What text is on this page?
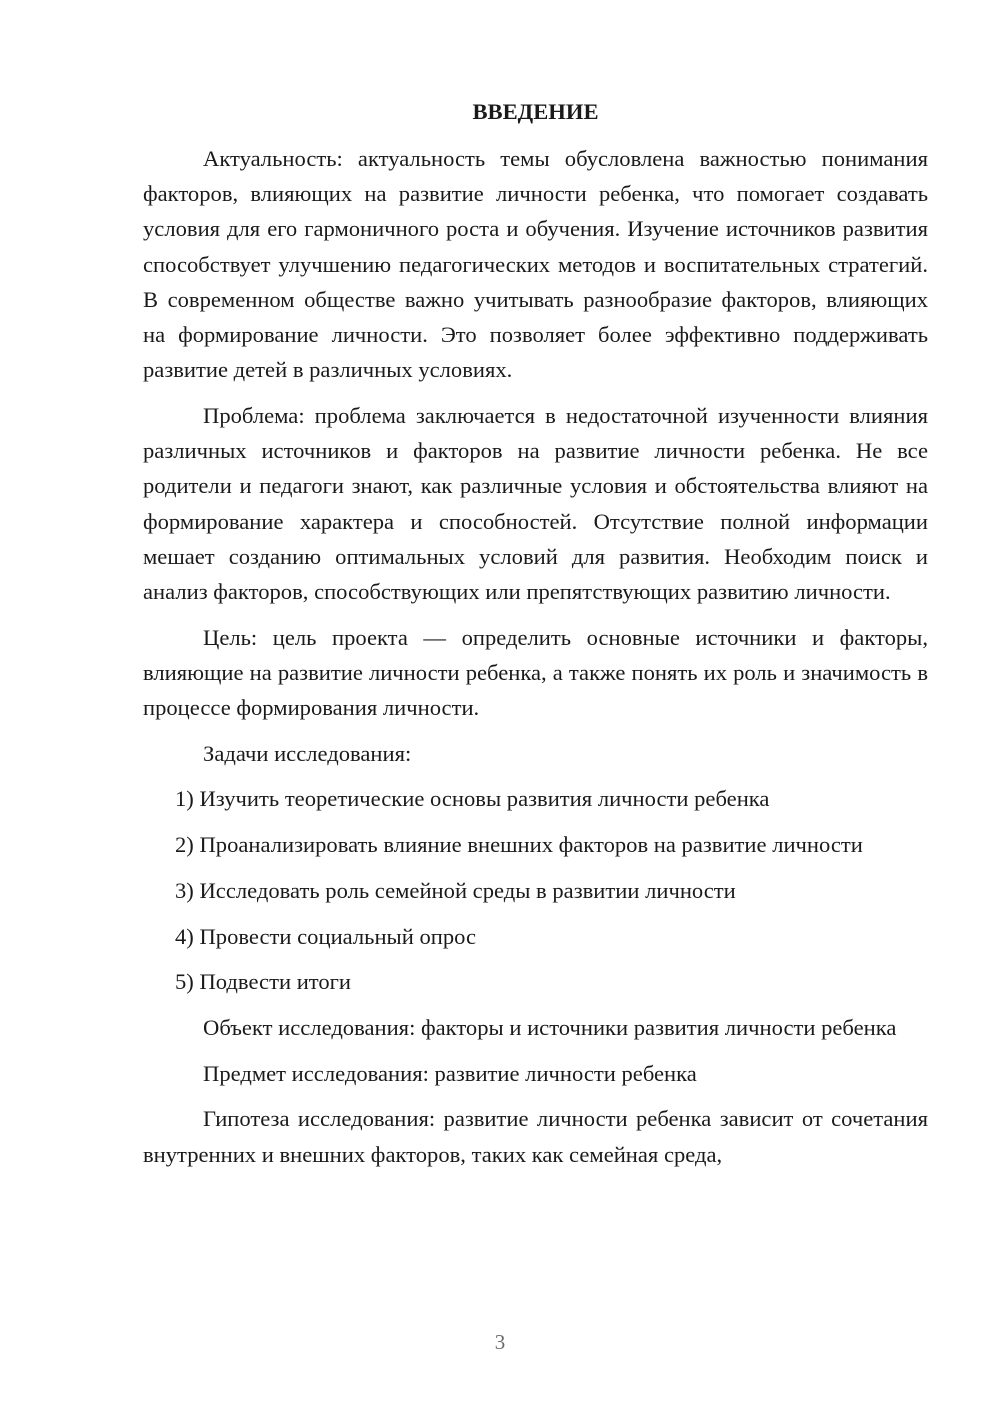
ВВЕДЕНИЕ

Актуальность: актуальность темы обусловлена важностью понимания факторов, влияющих на развитие личности ребенка, что помогает создавать условия для его гармоничного роста и обучения. Изучение источников развития способствует улучшению педагогических методов и воспитательных стратегий. В современном обществе важно учитывать разнообразие факторов, влияющих на формирование личности. Это позволяет более эффективно поддерживать развитие детей в различных условиях.

Проблема: проблема заключается в недостаточной изученности влияния различных источников и факторов на развитие личности ребенка. Не все родители и педагоги знают, как различные условия и обстоятельства влияют на формирование характера и способностей. Отсутствие полной информации мешает созданию оптимальных условий для развития. Необходим поиск и анализ факторов, способствующих или препятствующих развитию личности.

Цель: цель проекта — определить основные источники и факторы, влияющие на развитие личности ребенка, а также понять их роль и значимость в процессе формирования личности.

Задачи исследования:

1) Изучить теоретические основы развития личности ребенка

2) Проанализировать влияние внешних факторов на развитие личности

3) Исследовать роль семейной среды в развитии личности

4) Провести социальный опрос

5) Подвести итоги

Объект исследования: факторы и источники развития личности ребенка

Предмет исследования: развитие личности ребенка

Гипотеза исследования: развитие личности ребенка зависит от сочетания внутренних и внешних факторов, таких как семейная среда,

3
